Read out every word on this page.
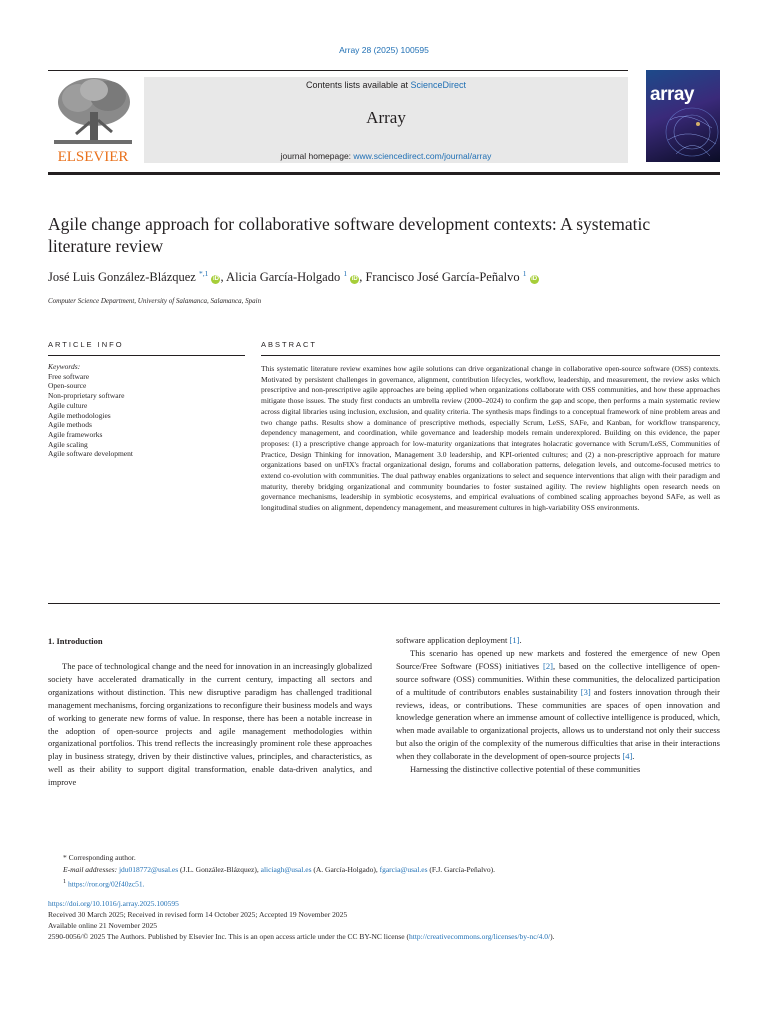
Array 28 (2025) 100595
ELSEVIER
Contents lists available at ScienceDirect
Array
journal homepage: www.sciencedirect.com/journal/array
array
Agile change approach for collaborative software development contexts: A systematic literature review
José Luis González-Blázquez $^{*,1}$ iD , Alicia García-Holgado $^1$ iD , Francisco José García-Peñalvo $^1$ iD
Computer Science Department, University of Salamanca, Salamanca, Spain
ARTICLE INFO	ABSTRACT
Keywords:
Free software
Open-source
Non-proprietary software
Agile culture
Agile methodologies
Agile methods
Agile frameworks
Agile scaling
Agile software development

This systematic literature review examines how agile solutions can drive organizational change in collaborative open-source software (OSS) contexts. Motivated by persistent challenges in governance, alignment, contribution lifecycles, workflow, leadership, and measurement, the review asks which prescriptive and non-prescriptive agile approaches are being applied when organizations collaborate with OSS communities, and how these approaches mitigate those issues. The study first conducts an umbrella review (2000–2024) to confirm the gap and scope, then performs a main systematic review across digital libraries using inclusion, exclusion, and quality criteria. The synthesis maps findings to a conceptual framework of nine problem areas and two change paths. Results show a dominance of prescriptive methods, especially Scrum, LeSS, SAFe, and Kanban, for workflow transparency, dependency management, and coordination, while governance and leadership models remain underexplored. Building on this evidence, the paper proposes: (1) a prescriptive change approach for low-maturity organizations that integrates holacratic governance with Scrum/LeSS, Communities of Practice, Design Thinking for innovation, Management 3.0 leadership, and KPI-oriented cultures; and (2) a non-prescriptive approach for mature organizations based on unFIX's fractal organizational design, forums and collaboration patterns, delegation levels, and outcome-focused metrics to extend co-evolution with communities. The dual pathway enables organizations to select and sequence interventions that align with their paradigm and maturity, thereby bridging organizational and community boundaries to foster sustained agility. The review highlights open research needs on governance mechanisms, leadership in symbiotic ecosystems, and empirical evaluations of combined scaling approaches beyond SAFe, as well as longitudinal studies on alignment, dependency management, and measurement cultures in high-variability OSS environments.

1. Introduction

The pace of technological change and the need for innovation in an increasingly globalized society have accelerated dramatically in the current century, impacting all sectors and organizations without distinction. This new disruptive paradigm has challenged traditional management mechanisms, forcing organizations to reconfigure their business models and ways of working to generate new forms of value. In response, there has been a notable increase in the adoption of open-source projects and agile management methodologies within organizational portfolios. This trend reflects the increasingly prominent role these approaches play in business strategy, driven by their distinctive values, principles, and characteristics, as well as their ability to support digital transformation, enable data-driven analytics, and improve

software application deployment [1].

This scenario has opened up new markets and fostered the emergence of new Open Source/Free Software (FOSS) initiatives [2], based on the collective intelligence of open-source software (OSS) communities. Within these communities, the delocalized participation of a multitude of contributors enables sustainability [3] and fosters innovation through their reviews, ideas, or contributions. These communities are spaces of open innovation and knowledge generation where an immense amount of collective intelligence is produced, which, when made available to organizational projects, allows us to understand not only their success but also the origin of the complexity of the numerous difficulties that arise in their interactions when they collaborate in the development of open-source projects [4].

Harnessing the distinctive collective potential of these communities

* Corresponding author.
E-mail addresses: jdu018772@usal.es (J.L. González-Blázquez), aliciagh@usal.es (A. García-Holgado), fgarcia@usal.es (F.J. García-Peñalvo).
$^1$ https://ror.org/02f40zc51.
https://doi.org/10.1016/j.array.2025.100595
Received 30 March 2025; Received in revised form 14 October 2025; Accepted 19 November 2025
Available online 21 November 2025
2590-0056/© 2025 The Authors. Published by Elsevier Inc. This is an open access article under the CC BY-NC license (http://creativecommons.org/licenses/by-nc/4.0/).
